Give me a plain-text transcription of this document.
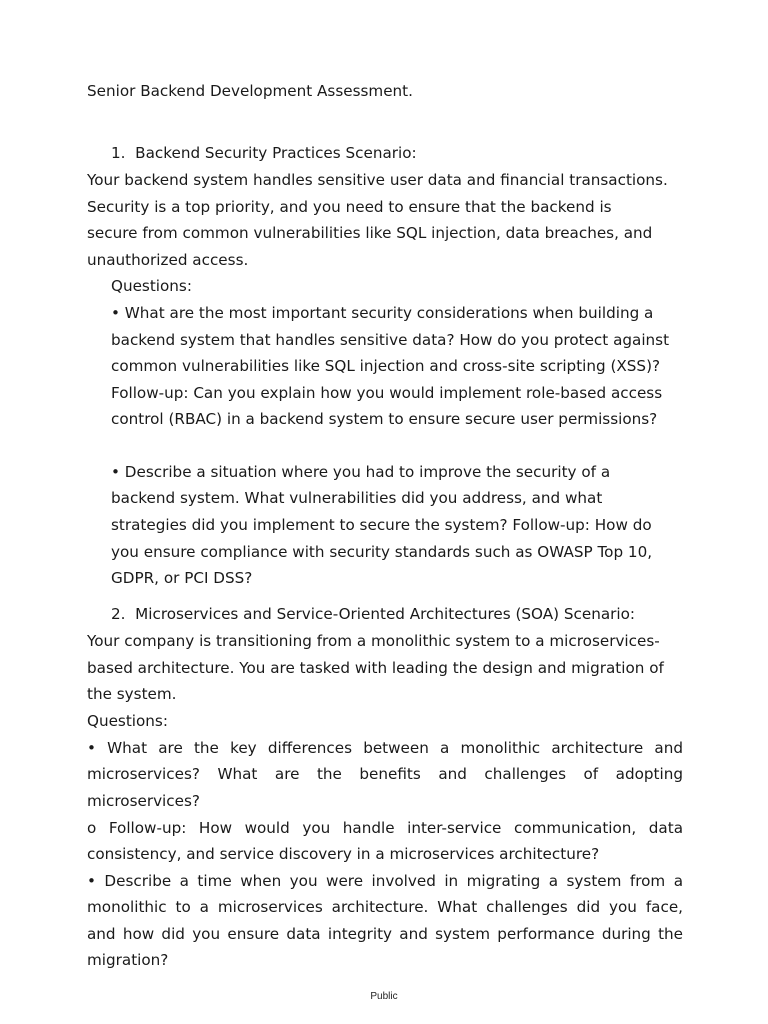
Senior Backend Development Assessment.
1.  Backend Security Practices Scenario:
Your backend system handles sensitive user data and financial transactions.
Security is a top priority, and you need to ensure that the backend is
secure from common vulnerabilities like SQL injection, data breaches, and
unauthorized access.
Questions:
• What are the most important security considerations when building a
backend system that handles sensitive data? How do you protect against
common vulnerabilities like SQL injection and cross-site scripting (XSS)?
Follow-up: Can you explain how you would implement role-based access
control (RBAC) in a backend system to ensure secure user permissions?
• Describe a situation where you had to improve the security of a
backend system. What vulnerabilities did you address, and what
strategies did you implement to secure the system? Follow-up: How do
you ensure compliance with security standards such as OWASP Top 10,
GDPR, or PCI DSS?
2.  Microservices and Service-Oriented Architectures (SOA) Scenario:
Your company is transitioning from a monolithic system to a microservices-
based architecture. You are tasked with leading the design and migration of
the system.
Questions:
• What are the key differences between a monolithic architecture and
microservices? What are the benefits and challenges of adopting
microservices?
o Follow-up: How would you handle inter-service communication, data
consistency, and service discovery in a microservices architecture?
• Describe a time when you were involved in migrating a system from a
monolithic to a microservices architecture. What challenges did you face,
and how did you ensure data integrity and system performance during the
migration?
Public
